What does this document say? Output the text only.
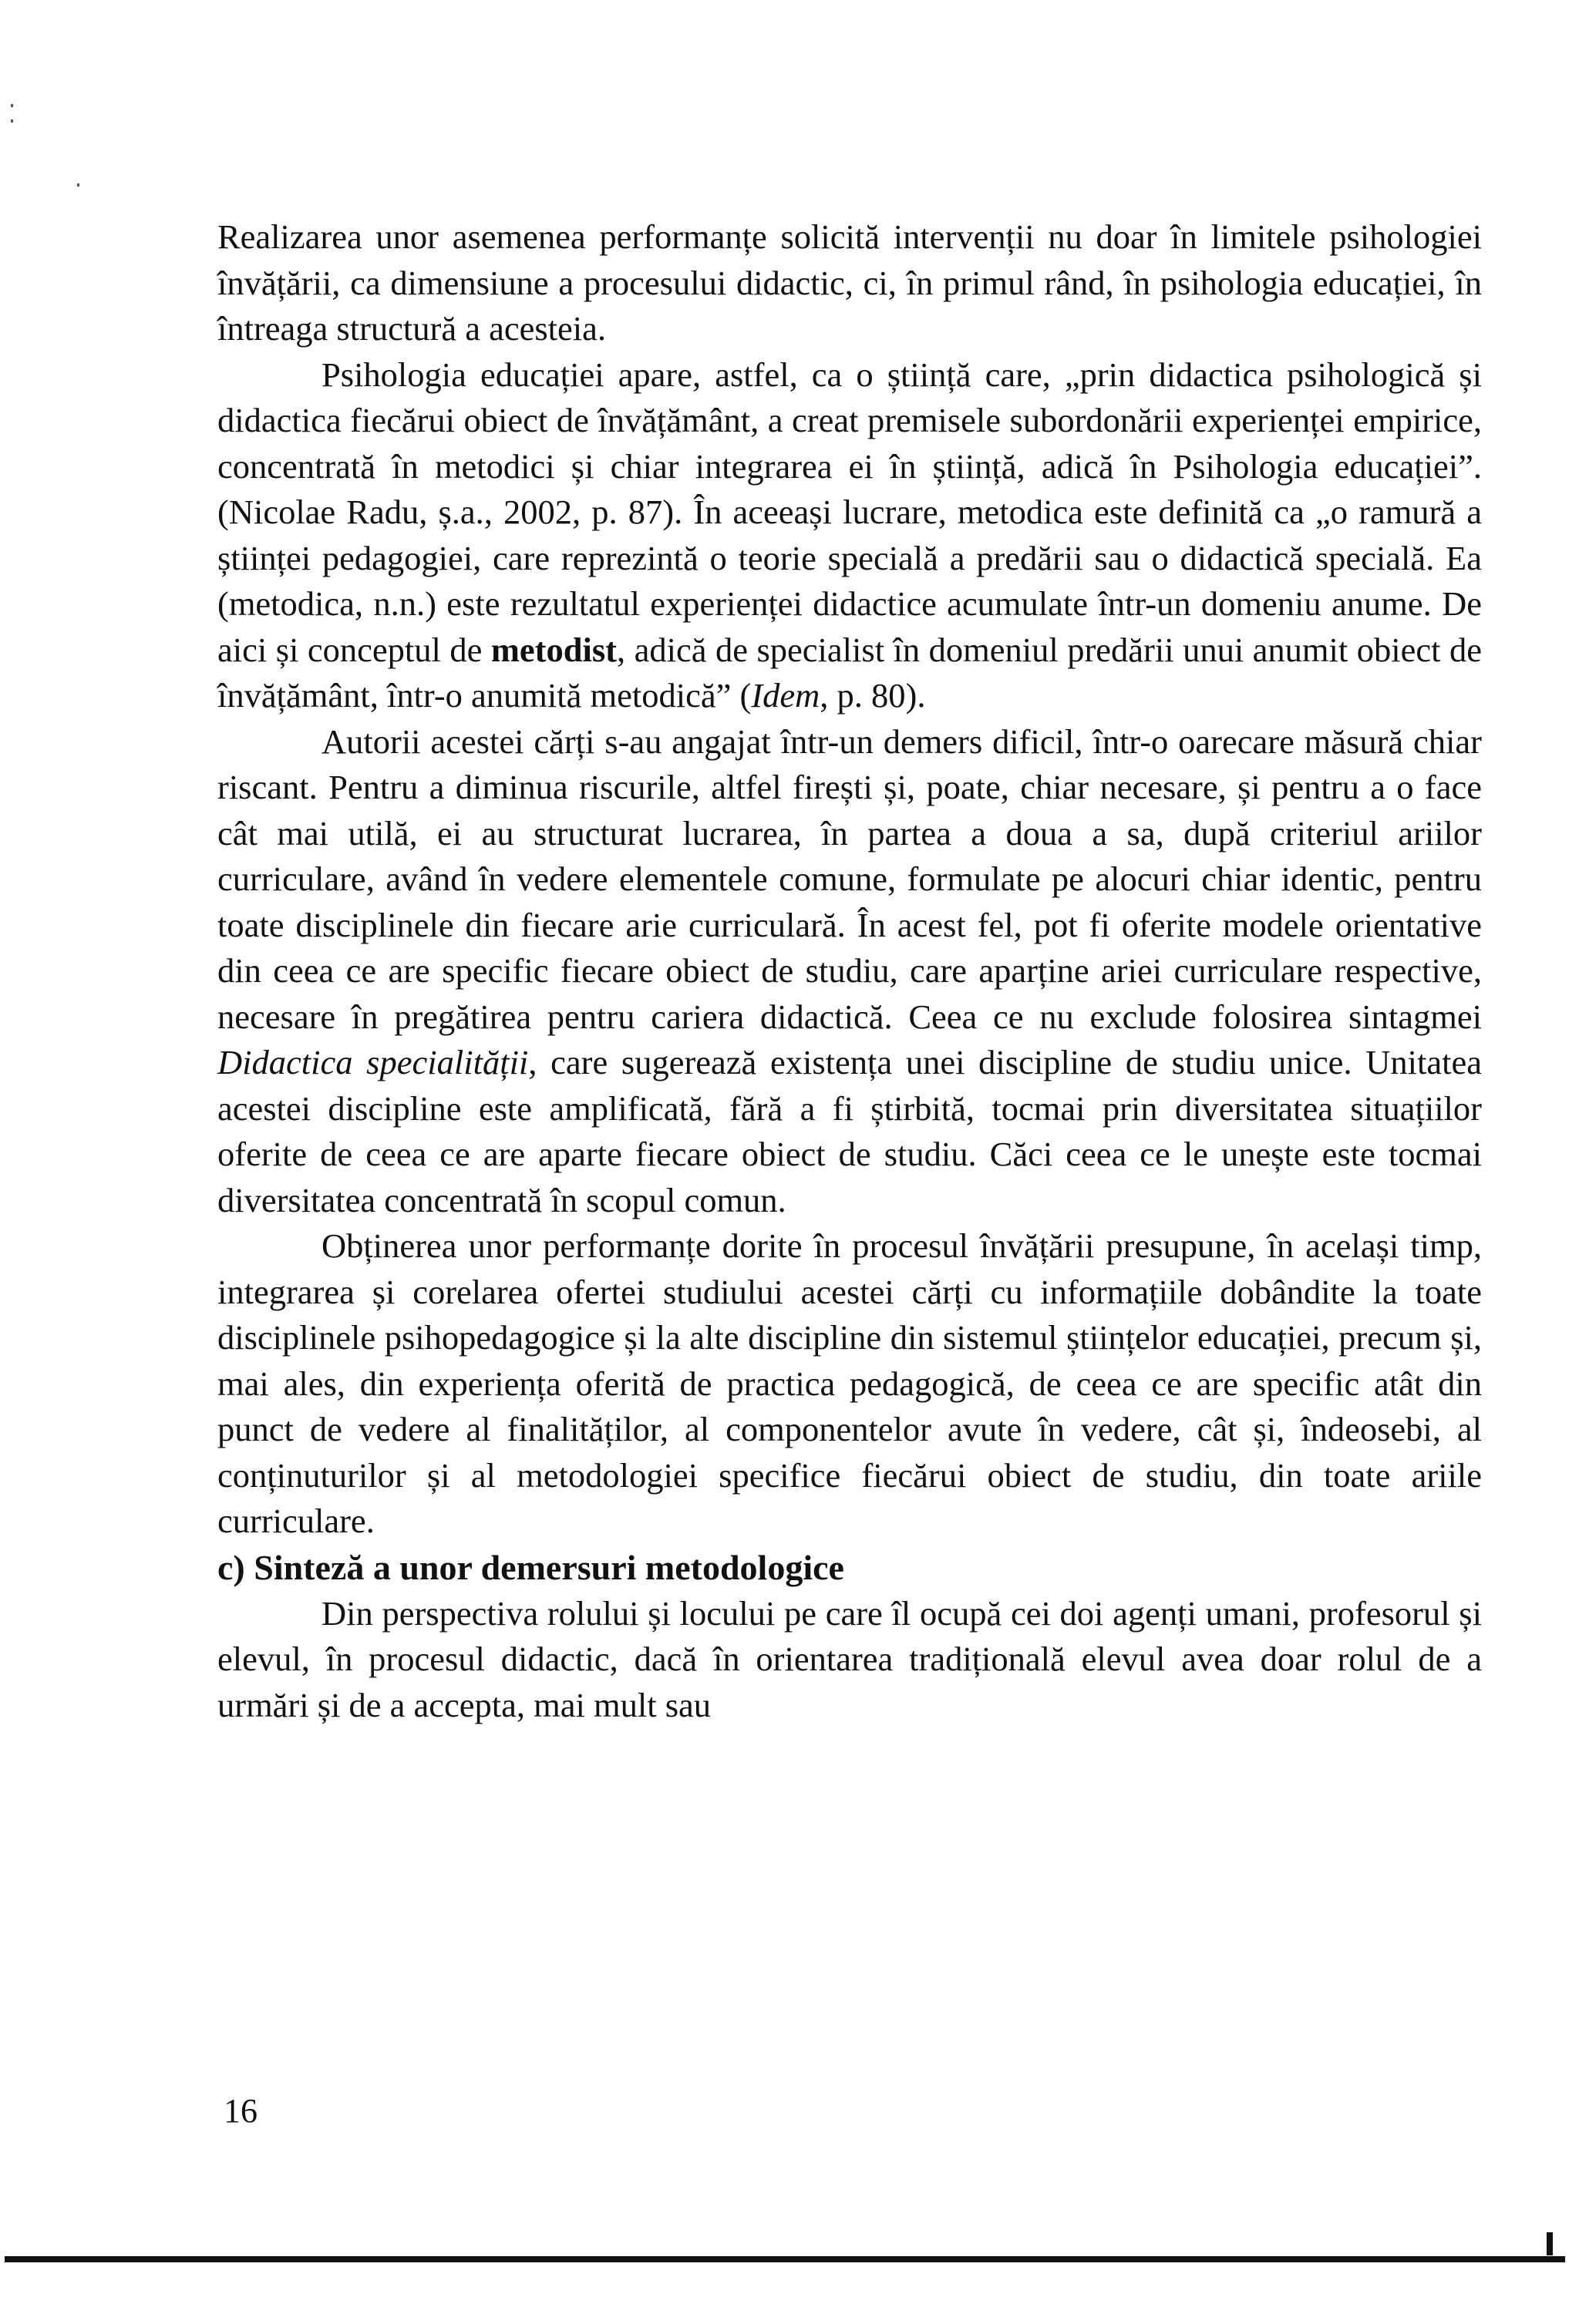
Realizarea unor asemenea performanțe solicită intervenții nu doar în limitele psihologiei învățării, ca dimensiune a procesului didactic, ci, în primul rând, în psihologia educației, în întreaga structură a acesteia.

Psihologia educației apare, astfel, ca o știință care, „prin didactica psihologică și didactica fiecărui obiect de învățământ, a creat premisele subordonării experienței empirice, concentrată în metodici și chiar integrarea ei în știință, adică în Psihologia educației”. (Nicolae Radu, ș.a., 2002, p. 87). În aceeași lucrare, metodica este definită ca „o ramură a științei pedagogiei, care reprezintă o teorie specială a predării sau o didactică specială. Ea (metodica, n.n.) este rezultatul experienței didactice acumulate într-un domeniu anume. De aici și conceptul de metodist, adică de specialist în domeniul predării unui anumit obiect de învățământ, într-o anumită metodică” (Idem, p. 80).

Autorii acestei cărți s-au angajat într-un demers dificil, într-o oarecare măsură chiar riscant. Pentru a diminua riscurile, altfel firești și, poate, chiar necesare, și pentru a o face cât mai utilă, ei au structurat lucrarea, în partea a doua a sa, după criteriul ariilor curriculare, având în vedere elementele comune, formulate pe alocuri chiar identic, pentru toate disciplinele din fiecare arie curriculară. În acest fel, pot fi oferite modele orientative din ceea ce are specific fiecare obiect de studiu, care aparține ariei curriculare respective, necesare în pregătirea pentru cariera didactică. Ceea ce nu exclude folosirea sintagmei Didactica specialității, care sugerează existența unei discipline de studiu unice. Unitatea acestei discipline este amplificată, fără a fi știrbită, tocmai prin diversitatea situațiilor oferite de ceea ce are aparte fiecare obiect de studiu. Căci ceea ce le unește este tocmai diversitatea concentrată în scopul comun.

Obținerea unor performanțe dorite în procesul învățării presupune, în același timp, integrarea și corelarea ofertei studiului acestei cărți cu informațiile dobândite la toate disciplinele psihopedagogice și la alte discipline din sistemul științelor educației, precum și, mai ales, din experiența oferită de practica pedagogică, de ceea ce are specific atât din punct de vedere al finalităților, al componentelor avute în vedere, cât și, îndeosebi, al conținuturilor și al metodologiei specifice fiecărui obiect de studiu, din toate ariile curriculare.

c) Sinteză a unor demersuri metodologice

Din perspectiva rolului și locului pe care îl ocupă cei doi agenți umani, profesorul și elevul, în procesul didactic, dacă în orientarea tradițională elevul avea doar rolul de a urmări și de a accepta, mai mult sau

16
